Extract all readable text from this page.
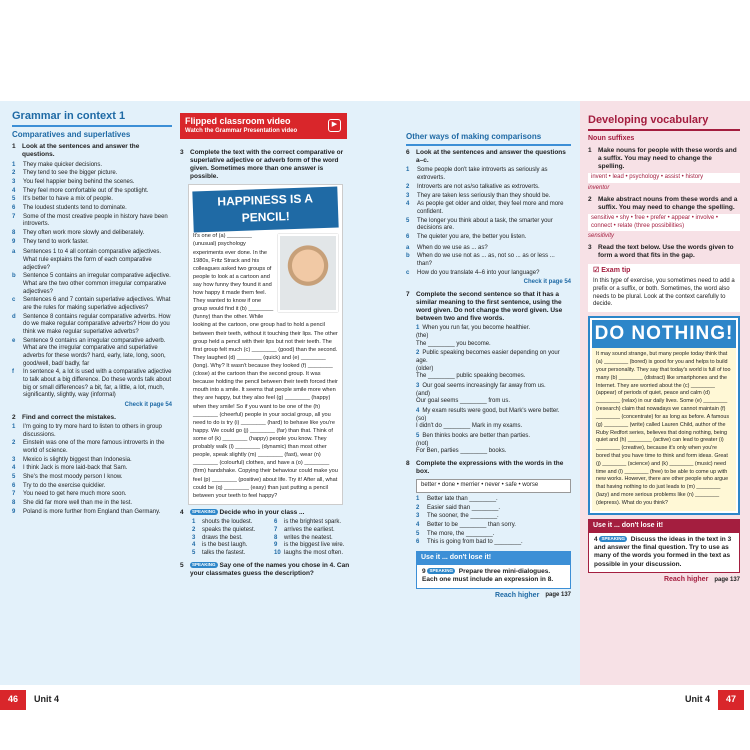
Grammar in context 1
Comparatives and superlatives
1 Look at the sentences and answer the questions.
1	They make quicker decisions.
2	They tend to see the bigger picture.
3	You feel happier being behind the scenes.
4	They feel more comfortable out of the spotlight.
5	It's better to have a mix of people.
6	The loudest students tend to dominate.
7	Some of the most creative people in history have been introverts.
8	They often work more slowly and deliberately.
9	They tend to work faster.
a	Sentences 1 to 4 all contain comparative adjectives. What rule explains the form of each comparative adjective?
b	Sentence 5 contains an irregular comparative adjective. What are the two other common irregular comparative adjectives?
c	Sentences 6 and 7 contain superlative adjectives. What are the rules for making superlative adjectives?
d	Sentence 8 contains regular comparative adverbs. How do we make regular comparative adverbs? How do you think we make regular superlative adverbs?
e	Sentence 9 contains an irregular comparative adverb. What are the irregular comparative and superlative adverbs for these words? hard, early, late, long, soon, good/well, bad/ badly, far
f	In sentence 4, a lot is used with a comparative adjective to talk about a big difference. Do these words talk about big or small differences? a bit, far, a little, a lot, much, significantly, slightly, way (informal)
Check it page 54
2 Find and correct the mistakes.
1	I'm going to try more hard to listen to others in group discussions.
2	Einstein was one of the more famous introverts in the world of science.
3	Mexico is slightly biggest than Indonesia.
4	I think Jack is more laid-back that Sam.
5	She's the most moody person I know.
6	Try to do the exercise quicklier.
7	You need to get here much more soon.
8	She did far more well than me in the test.
9	Poland is more further from England than Germany.
Flipped classroom video
Watch the Grammar Presentation video
▶
3 Complete the text with the correct comparative or superlative adjective or adverb form of the word given. Sometimes more than one answer is possible.
HAPPINESS IS A PENCIL!
It's one of (a) ________ (unusual) psychology experiments ever done. In the 1980s, Fritz Strack and his colleagues asked two groups of people to look at a cartoon and say how funny they found it and how happy it made them feel. They wanted to know if one group would find it (b) ________ (funny) than the other. While looking at the cartoon, one group had to hold a pencil between their teeth, without it touching their lips. The other group held a pencil with their lips but not their teeth. The first group felt much (c) ________ (good) than the second. They laughed (d) ________ (quick) and (e) ________ (long). Why? It wasn't because they looked (f) ________ (close) at the cartoon than the second group. It was because holding the pencil between their teeth forced their mouth into a smile. It seems that people smile more when they are happy, but they also feel (g) ________ (happy) when they smile! So if you want to be one of the (h) ________ (cheerful) people in your social group, all you need to do is try (i) ________ (hard) to behave like you're happy. We could go (j) ________ (far) than that. Think of some of (k) ________ (happy) people you know. They probably walk (l) ________ (dynamic) than most other people, speak slightly (m) ________ (fast), wear (n) ________ (colourful) clothes, and have a (o) ________ (firm) handshake. Copying their behaviour could make you feel (p) ________ (positive) about life. Try it! After all, what could be (q) ________ (easy) than just putting a pencil between your teeth to feel happy?
4	SPEAKING Decide who in your class ...
1	shouts the loudest.	6	is the brightest spark.
2	speaks the quietest.	7	arrives the earliest.
3	draws the best.	8	writes the neatest.
4	is the best laugh.	9	is the biggest live wire.
5	talks the fastest.	10 laughs the most often.
5	SPEAKING Say one of the names you chose in 4. Can your classmates guess the description?
Other ways of making comparisons
6 Look at the sentences and answer the questions a–c.
1	Some people don't take introverts as seriously as extroverts.
2	Introverts are not as/so talkative as extroverts.
3	They are taken less seriously than they should be.
4	As people get older and older, they feel more and more confident.
5	The longer you think about a task, the smarter your decisions are.
6	The quieter you are, the better you listen.
a	When do we use as ... as?
b	When do we use not as ... as, not so ... as or less ... than?
c	How do you translate 4–6 into your language?
Check it page 54
7 Complete the second sentence so that it has a similar meaning to the first sentence, using the word given. Do not change the word given. Use between two and five words.
1 When you run far, you become healthier.
(the)
The ________ you become.
2 Public speaking becomes easier depending on your age.
(older)
The ________ public speaking becomes.
3 Our goal seems increasingly far away from us.
(and)
Our goal seems ________ from us.
4 My exam results were good, but Mark's were better.
(so)
I didn't do ________ Mark in my exams.
5 Ben thinks books are better than parties.
(not)
For Ben, parties ________ books.
8 Complete the expressions with the words in the box.
better • done • merrier • never • safe • worse
1	Better late than ________.
2	Easier said than ________.
3	The sooner, the ________.
4	Better to be ________ than sorry.
5	The more, the ________.
6	This is going from bad to ________.
Use it ... don't lose it!
9 SPEAKING Prepare three mini-dialogues. Each one must include an expression in 8.
Reach higher page 137
Developing vocabulary
Noun suffixes
1 Make nouns for people with these words and a suffix. You may need to change the spelling.
invent • lead • psychology • assist • history
inventor
2 Make abstract nouns from these words and a suffix. You may need to change the spelling.
sensitive • shy • free • prefer • appear • involve • connect • relate (three possibilities)
sensitivity
3 Read the text below. Use the words given to form a word that fits in the gap.
☑ Exam tip
In this type of exercise, you sometimes need to add a prefix or a suffix, or both. Sometimes, the word also needs to be plural. Look at the context carefully to decide.
DO NOTHING!
It may sound strange, but many people today think that (a) ________ (bored) is good for you and helps to build your personality. They say that today's world is full of too many (b) ________ (distract) like smartphones and the Internet. They are worried about the (c) ________ (appear) of periods of quiet, peace and calm (d) ________ (relax) in our daily lives. Some (e) ________ (research) claim that nowadays we cannot maintain (f) ________ (concentrate) for as long as before. A famous (g) ________ (write) called Lauren Child, author of the Ruby Redfort series, believes that doing nothing, being quiet and (h) ________ (active) can lead to greater (i) ________ (creative), because it's only when you're bored that you have time to think and form ideas. Great (j) ________ (science) and (k) ________ (music) need time and (l) ________ (free) to be able to come up with new works. However, there are other people who argue that having nothing to do just leads to (m) ________ (lazy) and more serious problems like (n) ________ (depress). What do you think?
Use it ... don't lose it!
4 SPEAKING Discuss the ideas in the text in 3 and answer the final question. Try to use as many of the words you formed in the text as possible in your discussion.
Reach higher page 137
46	Unit 4	Unit 4	47
